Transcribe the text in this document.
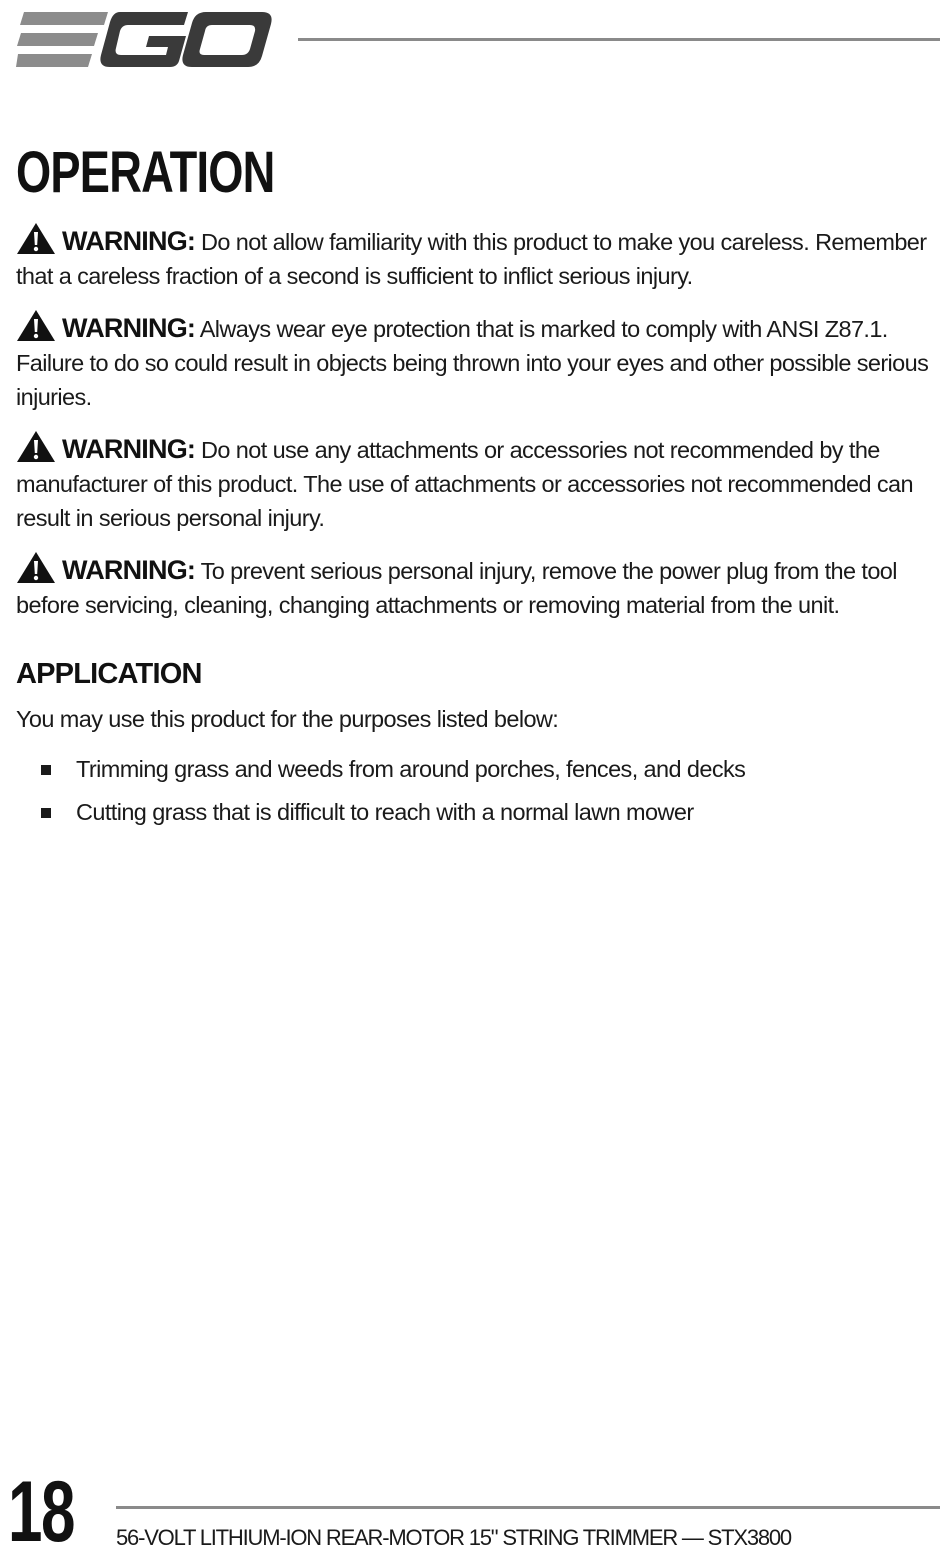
OPERATION

WARNING: Do not allow familiarity with this product to make you careless. Remember that a careless fraction of a second is sufficient to inflict serious injury.

WARNING: Always wear eye protection that is marked to comply with ANSI Z87.1. Failure to do so could result in objects being thrown into your eyes and other possible serious injuries.

WARNING: Do not use any attachments or accessories not recommended by the manufacturer of this product. The use of attachments or accessories not recommended can result in serious personal injury.

WARNING: To prevent serious personal injury, remove the power plug from the tool before servicing, cleaning, changing attachments or removing material from the unit.

APPLICATION

You may use this product for the purposes listed below:

Trimming grass and weeds from around porches, fences, and decks
Cutting grass that is difficult to reach with a normal lawn mower
18 56-VOLT LITHIUM-ION REAR-MOTOR 15" STRING TRIMMER — STX3800
